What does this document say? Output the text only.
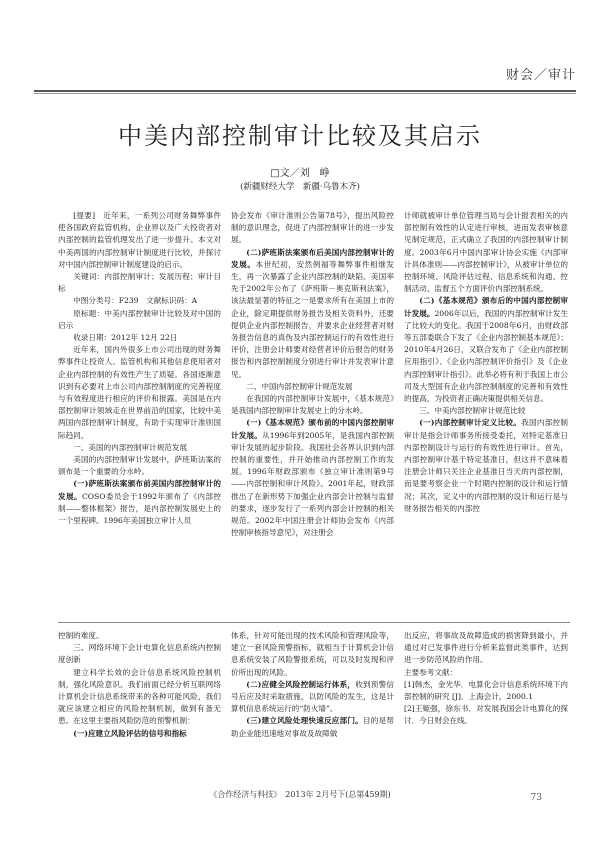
财会／审计
中美内部控制审计比较及其启示
□文／刘　峥
(新疆财经大学　新疆·乌鲁木齐)

[提要]　近年来，一系列公司财务舞弊事件使各国政府监管机构、企业界以及广大投资者对内部控制的监管机理发出了进一步提升。本文对中美两国的内部控制审计制度进行比较，并探讨对中国内部控制审计制度建设的启示。

关键词：内部控制审计；发展历程；审计目标

中图分类号：F239　文献标识码：A

原标题：中美内部控制审计比较及对中国的启示

收录日期：2012年 12月 22日

近年来，国内外很多上市公司出现的财务舞弊事件让投资人、监管机构和其他信息使用者对企业内部控制的有效性产生了质疑。各国逐渐意识到有必要对上市公司内部控制制度的完善程度与有效程度进行相应的评价和报露。美国是在内部控制审计领域走在世界前沿的国家，比较中美两国内部控制审计制度，有助于实现审计准则国际趋同。

一、美国的内部控制审计规范发展

美国的内部控制审计发展中，萨班斯法案的颁布是一个重要的分水岭。

(一)萨班斯法案颁布前美国内部控制审计的发展。COSO委员会于1992年颁布了《内部控制——整体框架》报告，是内部控制发展史上的一个里程碑。1996年美国独立审计人员

协会发布《审计准则公告第78号》，提出风险控制的意识理念，促进了内部控制审计的进一步发展。

(二)萨班斯法案颁布后美国内部控制审计的发展。本世纪初，安然例福等舞弊事件相继发生，再一次暴露了企业内部控制的缺陷。美国率先于2002年公布了《萨班斯－奥克斯利法案》，该法最显著的特征之一是要求所有在美国上市的企业，除定期提供财务报告及相关资料外，还要提供企业内部控制报告，并要求企业经营者对财务报告信息的真伪及内部控制运行的有效性进行评价，注册会计师要对经营者评价后报告的财务报告和内部控制制度分别进行审计并发表审计意见。

二、中国内部控制审计规范发展

在我国的内部控制审计发展中，《基本规范》是我国内部控制审计发展史上的分水岭。

(一)《基本规范》颁布前的中国内部控制审计发展。从1996年到2005年，是我国内部控制审计发展的起步阶段。我国社会各界认识到内部控制的重要性，并开始推动内部控制工作的发展。1996年财政部颁布《独立审计准则第9号——内部控制和审计风险》。2001年起，财政部推出了在新形势下加强企业内部会计控制与监督的要求，逐步发行了一系列内部会计控制的相关规范。2002年中国注册会计师协会发布《内部控制审核指导意见》，对注册会

计师就被审计单位管理当局与会计报表相关的内部控制有效性的认定进行审核，进而发表审核意见制定规范，正式确立了我国的内部控制审计制度。2003年6月中国内部审计协会实施《内部审计具体准则——内部控制审计》，从被审计单位的控制环境、风险评估过程、信息系统和沟通、控制活动、监督五个方面评价内部控制系统。

(二)《基本规范》颁布后的中国内部控制审计发展。2006年以后，我国的内部控制审计发生了比较大的变化。我国于2008年6月，由财政部等五部委联合下发了《企业内部控制基本规范》；2010年4月26日，又联合发布了《企业内部控制应用指引》、《企业内部控制评价指引》及《企业内部控制审计指引》。此举必将有利于我国上市公司及大型国有企业内部控制制度的完善和有效性的提高，为投资者正确决策提供相关信息。

三、中美内部控制审计规范比较

(一)内部控制审计定义比较。我国内部控制审计是指会计师事务所接受委托，对特定基准日内部控制设计与运行的有效性进行审计。首先，内部控制审计基于特定基准日，但这并不意味着注册会计师只关注企业基准日当天的内部控制，而是要考察企业一个时期内控制的设计和运行情况；其次，定义中的内部控制的设计和运行是与财务报告相关的内部控

控制的难度。

三、网络环境下会计电算化信息系统内控制度创新

建立科学长效的会计信息系统风险控制机制，强化风险意识。我们前面已经分析互联网络计算机会计信息系统带来的各种可能风险，我们就应该建立相应的风险控制机制，做到有备无患。在这里主要指风险防范的预警机制：

(一)应建立风险评估的信号和指标

体系，针对可能出现的技术风险和管理风险等，建立一套风险预警指标，就相当于计算机会计信息系统安装了风险警报系统，可以及时发现和评价所出现的风险。

(二)应健全风险控制运行体系，收到预警信号后应及时采取措施，以防风险的发生，这是计算机信息系统运行的“防火墙”。

(三)建立风险处理快速反应部门。目的是帮助企业能迅速地对事故及故障做

出反应，将事故及故障造成的损害降到最小，并通过对已发事件进行分析来监督此类事件，达到进一步防范风险的作用。

主要参考文献：

[1]韩杰，金光华．电算化会计信息系统环境下内部控制的研究 [J]．上海会计，2000.1

[2]王姬强，徐东书．对发展我国会计电算化的探讨．今日财会在线．

《合作经济与科技》　2013年 2月号下(总第459期)	73
